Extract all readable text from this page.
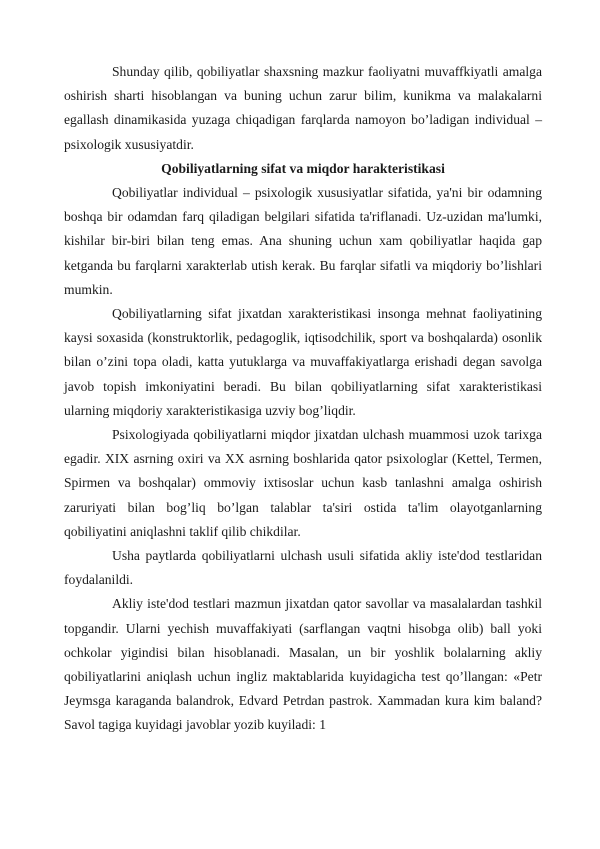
Shunday qilib, qobiliyatlar shaxsning mazkur faoliyatni muvaffkiyatli amalga oshirish sharti hisoblangan va buning uchun zarur bilim, kunikma va malakalarni egallash dinamikasida yuzaga chiqadigan farqlarda namoyon bo’ladigan individual – psixologik xususiyatdir.

Qobiliyatlarning sifat va miqdor harakteristikasi

Qobiliyatlar individual – psixologik xususiyatlar sifatida, ya'ni bir odamning boshqa bir odamdan farq qiladigan belgilari sifatida ta'riflanadi. Uz-uzidan ma'lumki, kishilar bir-biri bilan teng emas. Ana shuning uchun xam qobiliyatlar haqida gap ketganda bu farqlarni xarakterlab utish kerak. Bu farqlar sifatli va miqdoriy bo’lishlari mumkin.

Qobiliyatlarning sifat jixatdan xarakteristikasi insonga mehnat faoliyatining kaysi soxasida (konstruktorlik, pedagoglik, iqtisodchilik, sport va boshqalarda) osonlik bilan o’zini topa oladi, katta yutuklarga va muvaffakiyatlarga erishadi degan savolga javob topish imkoniyatini beradi. Bu bilan qobiliyatlarning sifat xarakteristikasi ularning miqdoriy xarakteristikasiga uzviy bog’liqdir.

Psixologiyada qobiliyatlarni miqdor jixatdan ulchash muammosi uzok tarixga egadir. XIX asrning oxiri va XX asrning boshlarida qator psixologlar (Kettel, Termen, Spirmen va boshqalar) ommoviy ixtisoslar uchun kasb tanlashni amalga oshirish zaruriyati bilan bog’liq bo’lgan talablar ta'siri ostida ta'lim olayotganlarning qobiliyatini aniqlashni taklif qilib chikdilar.

Usha paytlarda qobiliyatlarni ulchash usuli sifatida akliy iste'dod testlaridan foydalanildi.

Akliy iste'dod testlari mazmun jixatdan qator savollar va masalalardan tashkil topgandir. Ularni yechish muvaffakiyati (sarflangan vaqtni hisobga olib) ball yoki ochkolar yigindisi bilan hisoblanadi. Masalan, un bir yoshlik bolalarning akliy qobiliyatlarini aniqlash uchun ingliz maktablarida kuyidagicha test qo’llangan: «Petr Jeymsga karaganda balandrok, Edvard Petrdan pastrok. Xammadan kura kim baland? Savol tagiga kuyidagi javoblar yozib kuyiladi: 1
